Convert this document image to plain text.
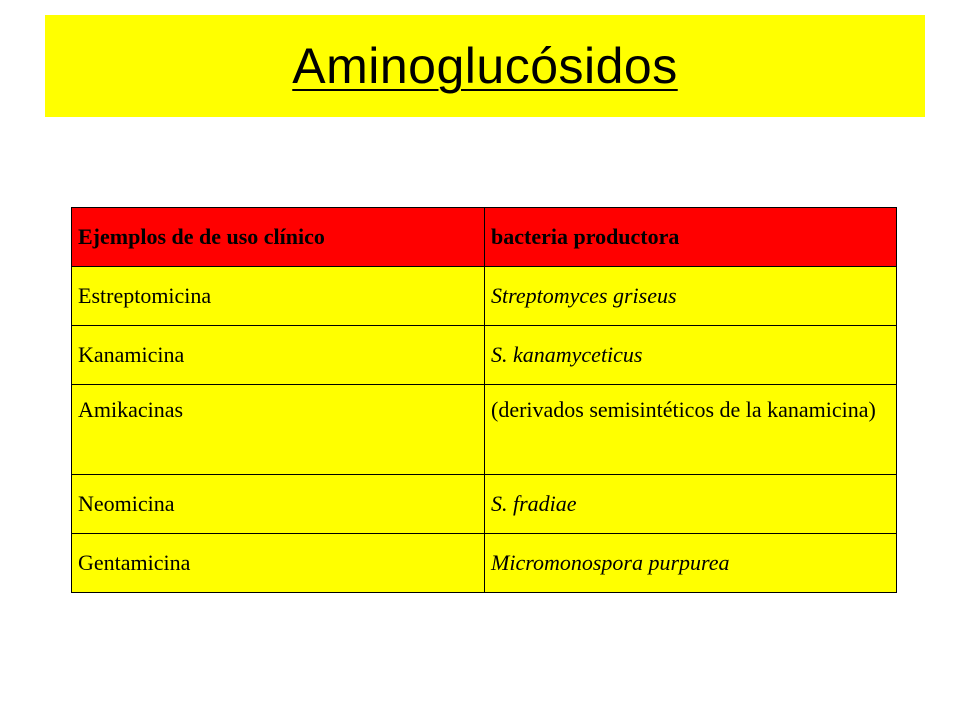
Aminoglucósidos
Ejemplos de de uso clínico	bacteria productora
Estreptomicina	Streptomyces griseus
Kanamicina	S. kanamyceticus
Amikacinas	(derivados semisintéticos de la kanamicina)
Neomicina	S. fradiae
Gentamicina	Micromonospora purpurea
